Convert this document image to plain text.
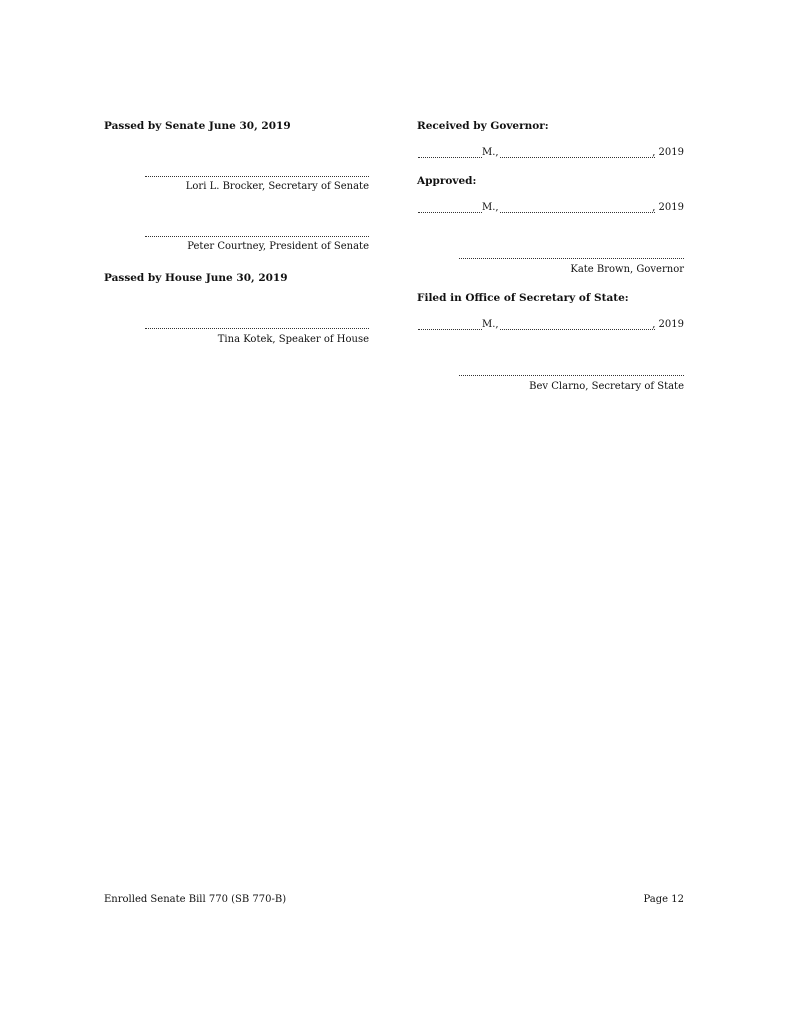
Passed by Senate June 30, 2019
Lori L. Brocker, Secretary of Senate
Peter Courtney, President of Senate
Passed by House June 30, 2019
Tina Kotek, Speaker of House
Received by Governor:
M.,	, 2019
Approved:
M.,	, 2019
Kate Brown, Governor
Filed in Office of Secretary of State:
M.,	, 2019
Bev Clarno, Secretary of State
Enrolled Senate Bill 770 (SB 770-B)	Page 12
